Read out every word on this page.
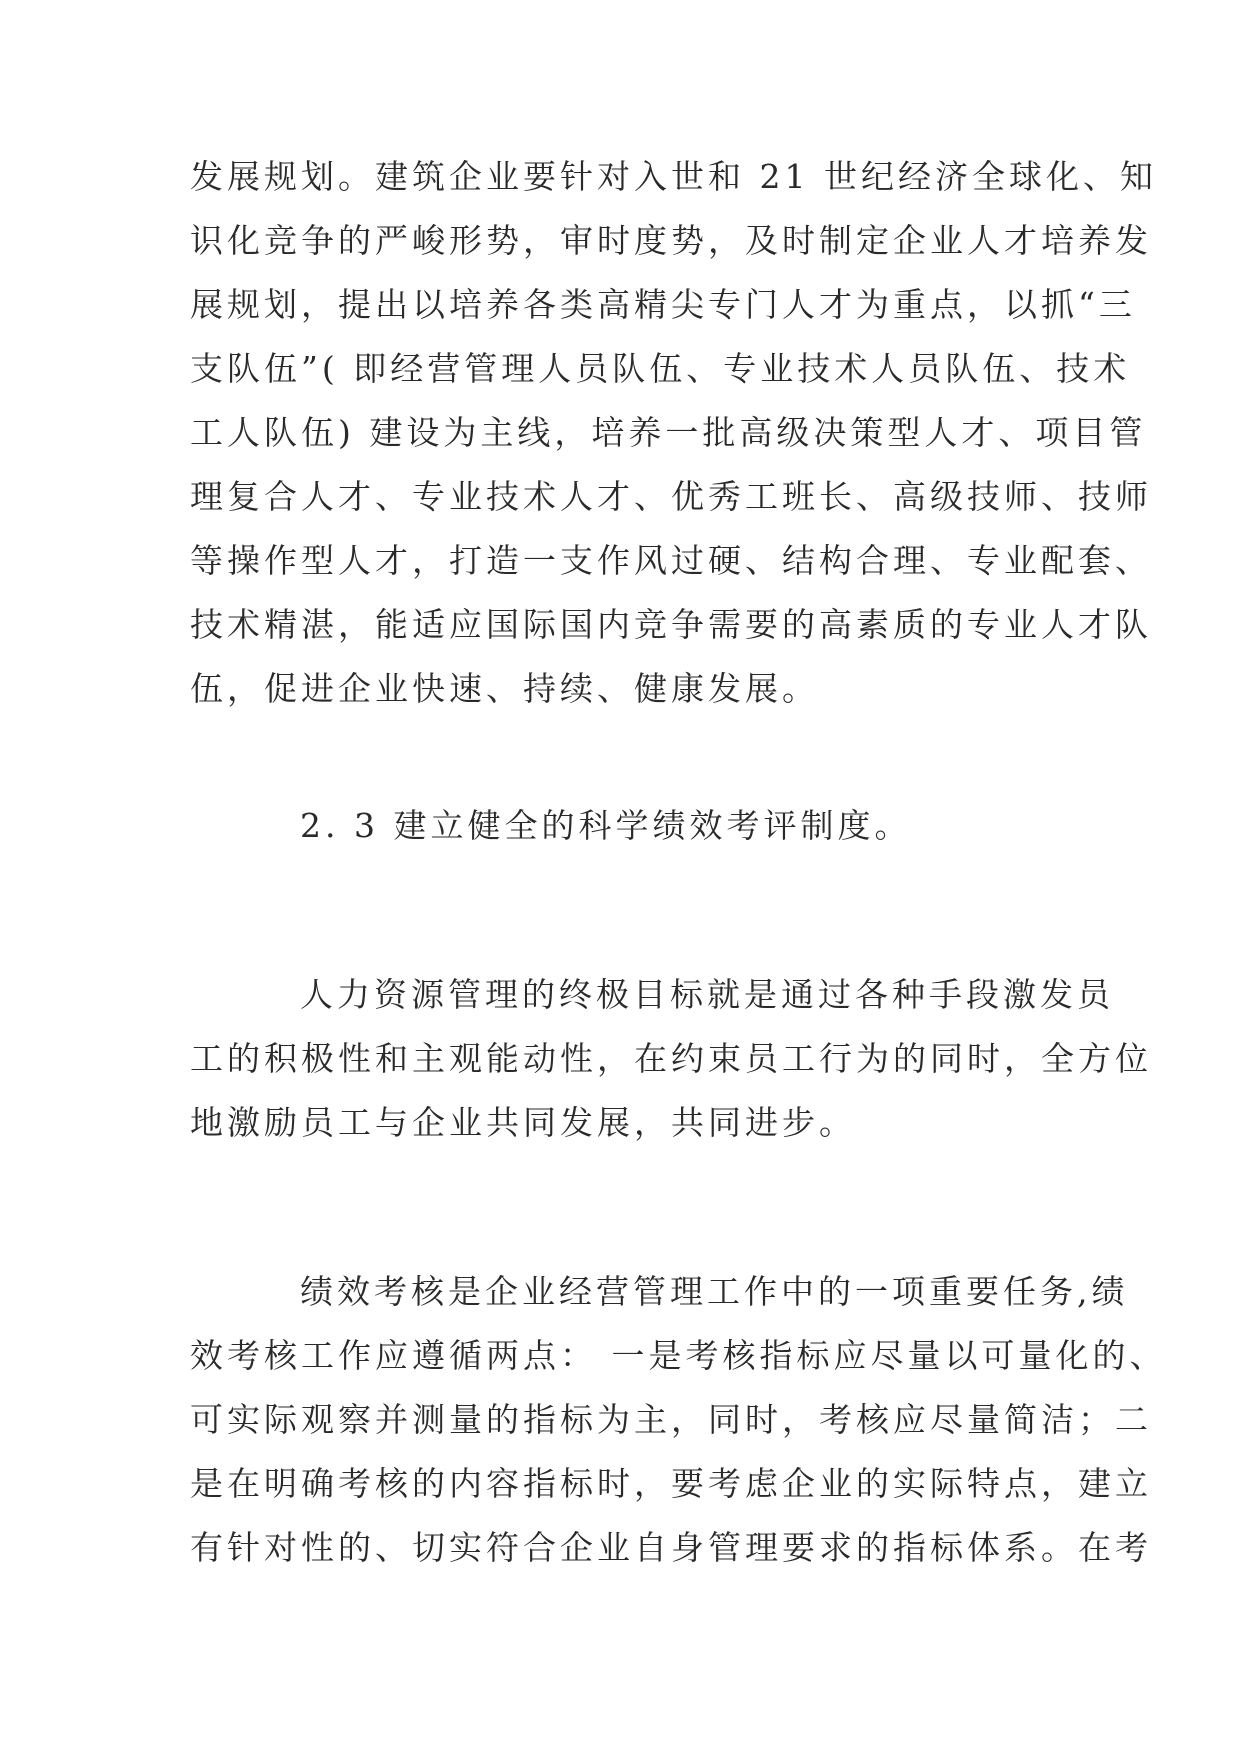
发展规划。建筑企业要针对入世和 21 世纪经济全球化、知
识化竞争的严峻形势，审时度势，及时制定企业人才培养发
展规划，提出以培养各类高精尖专门人才为重点，以抓“三
支队伍”( 即经营管理人员队伍、专业技术人员队伍、技术
工人队伍) 建设为主线，培养一批高级决策型人才、项目管
理复合人才、专业技术人才、优秀工班长、高级技师、技师
等操作型人才，打造一支作风过硬、结构合理、专业配套、
技术精湛，能适应国际国内竞争需要的高素质的专业人才队
伍，促进企业快速、持续、健康发展。
2. 3 建立健全的科学绩效考评制度。
人力资源管理的终极目标就是通过各种手段激发员
工的积极性和主观能动性，在约束员工行为的同时，全方位
地激励员工与企业共同发展，共同进步。
绩效考核是企业经营管理工作中的一项重要任务,绩
效考核工作应遵循两点： 一是考核指标应尽量以可量化的、
可实际观察并测量的指标为主，同时，考核应尽量简洁；二
是在明确考核的内容指标时，要考虑企业的实际特点，建立
有针对性的、切实符合企业自身管理要求的指标体系。在考
